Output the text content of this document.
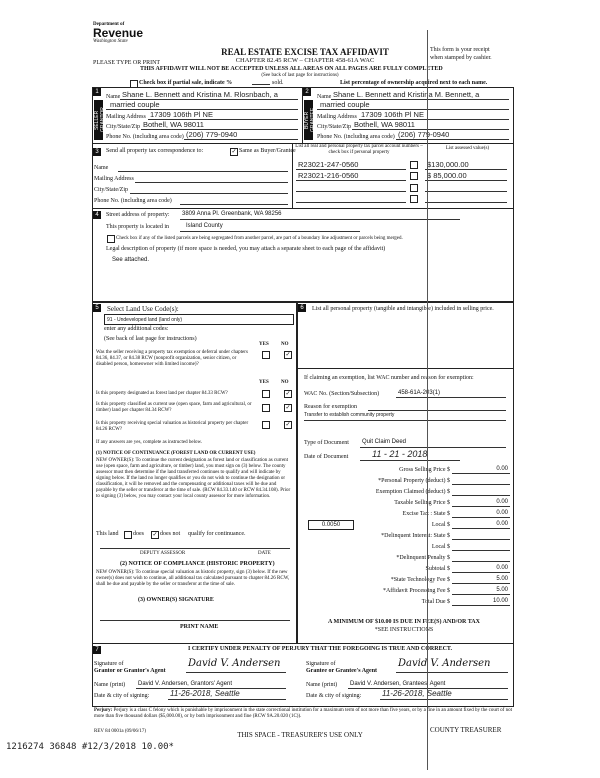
Department of
Revenue
Washington State
PLEASE TYPE OR PRINT
REAL ESTATE EXCISE TAX AFFIDAVIT
CHAPTER 82.45 RCW – CHAPTER 458-61A WAC
THIS AFFIDAVIT WILL NOT BE ACCEPTED UNLESS ALL AREAS ON ALL PAGES ARE FULLY COMPLETED
(See back of last page for instructions)
This form is your receipt
when stamped by cashier.
Check box if partial sale, indicate %	sold.	List percentage of ownership acquired next to each name.
1
SELLER GRANTOR
Name Shane L. Bennett and Kristina M. Rlosnbach, a
married couple
Mailing Address 17309 106th Pl NE
City/State/Zip Bothell, WA 98011
Phone No. (including area code) (206) 779-0940
2
BUYER GRANTEE
Name Shane L. Bennett and Kristina M. Bennett, a
married couple
Mailing Address 17309 106th Pl NE
City/State/Zip Bothell, WA 98011
Phone No. (including area code) (206) 779-0940
3	Send all property tax correspondence to:	✓ Same as Buyer/Grantee
Name
Mailing Address
City/State/Zip
Phone No. (including area code)
List all real and personal property tax parcel account numbers – check box if personal property
List assessed value(s)
R23021-247-0560	$130,000.00
R23021-216-0560	$ 85,000.00
4	Street address of property: 3809 Anna Pl. Greenbank, WA 98256
This property is located in	Island County
Check box if any of the listed parcels are being segregated from another parcel, are part of a boundary line adjustment or parcels being merged.
Legal description of property (if more space is needed, you may attach a separate sheet to each page of the affidavit)
See attached.
5	Select Land Use Code(s):
91 - Undeveloped land (land only)
enter any additional codes:
(See back of last page for instructions)
YES NO
Was the seller receiving a property tax exemption or deferral under chapters 84.36, 84.37, or 84.38 RCW (nonprofit organization, senior citizen, or disabled person, homeowner with limited income)?
✓
YES NO
Is this property designated as forest land per chapter 84.33 RCW?	✓
Is this property classified as current use (open space, farm and agricultural, or timber) land per chapter 84.34 RCW?	✓
Is this property receiving special valuation as historical property per chapter 84.26 RCW?
✓
If any answers are yes, complete as instructed below.
(1) NOTICE OF CONTINUANCE (FOREST LAND OR CURRENT USE)
NEW OWNER(S): To continue the current designation as forest land or classification as current use (open space, farm and agriculture, or timber) land, you must sign on (3) below. The county assessor must then determine if the land transferred continues to qualify and will indicate by signing below. If the land no longer qualifies or you do not wish to continue the designation or classification, it will be removed and the compensating or additional taxes will be due and payable by the seller or transferor at the time of sale. (RCW 84.33.140 or RCW 84.34.108). Prior to signing (3) below, you may contact your local county assessor for more information.
This land does ✓ does not qualify for continuance.
DEPUTY ASSESSOR	DATE
(2) NOTICE OF COMPLIANCE (HISTORIC PROPERTY)
NEW OWNER(S): To continue special valuation as historic property, sign (3) below. If the new owner(s) does not wish to continue, all additional tax calculated pursuant to chapter 84.26 RCW, shall be due and payable by the seller or transferor at the time of sale.
(3) OWNER(S) SIGNATURE
PRINT NAME
6	List all personal property (tangible and intangible) included in selling price.
If claiming an exemption, list WAC number and reason for exemption:
WAC No. (Section/Subsection)	458-61A-203(1)
Reason for exemption
Transfer to establish community property
Type of Document Quit Claim Deed
Date of Document	11 - 21 - 2018
Gross Selling Price $	0.00
*Personal Property (deduct) $
Exemption Claimed (deduct) $
Taxable Selling Price $	0.00
Excise Tax : State $	0.00
0.0050	Local $	0.00
*Delinquent Interest: State $
Local $
*Delinquent Penalty $
Subtotal $	0.00
*State Technology Fee $	5.00
*Affidavit Processing Fee $	5.00
Total Due $	10.00
A MINIMUM OF $10.00 IS DUE IN FEE(S) AND/OR TAX
*SEE INSTRUCTIONS
7	I CERTIFY UNDER PENALTY OF PERJURY THAT THE FOREGOING IS TRUE AND CORRECT.
Signature of
Grantor or Grantor's Agent
David V. Andersen
Name (print) David V. Andersen, Grantors' Agent
Date & city of signing:	11-26-2018, Seattle
Signature of
Grantee or Grantee's Agent
David V. Andersen
Name (print) David V. Andersen, Grantees' Agent
Date & city of signing:	11-26-2018, Seattle
Perjury: Perjury is a class C felony which is punishable by imprisonment in the state correctional institution for a maximum term of not more than five years, or by a fine in an amount fixed by the court of not more than five thousand dollars ($5,000.00), or by both imprisonment and fine (RCW 9A.20.020 (1C)).
REV 84 0001a (09/06/17)	THIS SPACE - TREASURER'S USE ONLY
COUNTY TREASURER
1216274 36848 #12/3/2018 10.00*
